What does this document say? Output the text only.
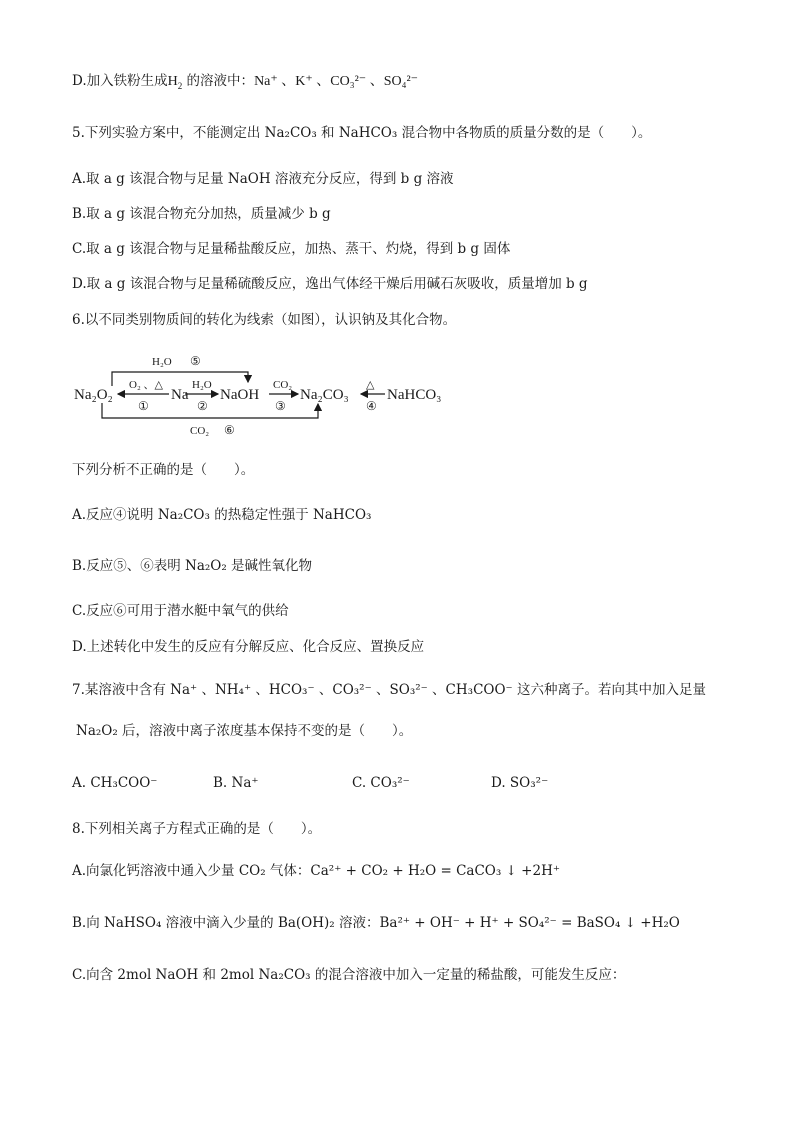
D.加入铁粉生成$H_2$ 的溶液中：Na⁺ 、K⁺ 、CO₃²⁻ 、SO₄²⁻
5.下列实验方案中，不能测定出 Na₂CO₃ 和 NaHCO₃ 混合物中各物质的质量分数的是（　　）。
A.取 a g 该混合物与足量 NaOH 溶液充分反应，得到 b g 溶液
B.取 a g 该混合物充分加热，质量减少 b g
C.取 a g 该混合物与足量稀盐酸反应，加热、蒸干、灼烧，得到 b g 固体
D.取 a g 该混合物与足量稀硫酸反应，逸出气体经干燥后用碱石灰吸收，质量增加 b g
6.以不同类别物质间的转化为线索（如图），认识钠及其化合物。
Na₂O₂	Na NaOH	Na₂CO₃	NaHCO₃
O₂ 、△
①
H₂O
②
CO₂
③
△
④
H₂O ⑤
CO₂ ⑥
下列分析不正确的是（　　）。
A.反应④说明 Na₂CO₃ 的热稳定性强于 NaHCO₃
B.反应⑤、⑥表明 Na₂O₂ 是碱性氧化物
C.反应⑥可用于潜水艇中氧气的供给
D.上述转化中发生的反应有分解反应、化合反应、置换反应
7.某溶液中含有 Na⁺ 、NH₄⁺ 、HCO₃⁻ 、CO₃²⁻ 、SO₃²⁻ 、CH₃COO⁻ 这六种离子。若向其中加入足量
Na₂O₂ 后，溶液中离子浓度基本保持不变的是（　　）。
A. CH₃COO⁻	B. Na⁺	C. CO₃²⁻	D. SO₃²⁻
8.下列相关离子方程式正确的是（　　）。
A.向氯化钙溶液中通入少量 CO₂ 气体：Ca²⁺ + CO₂ + H₂O = CaCO₃ ↓ +2H⁺
B.向 NaHSO₄ 溶液中滴入少量的 Ba(OH)₂ 溶液：Ba²⁺ + OH⁻ + H⁺ + SO₄²⁻ = BaSO₄ ↓ +H₂O
C.向含 2mol NaOH 和 2mol Na₂CO₃ 的混合溶液中加入一定量的稀盐酸，可能发生反应：
